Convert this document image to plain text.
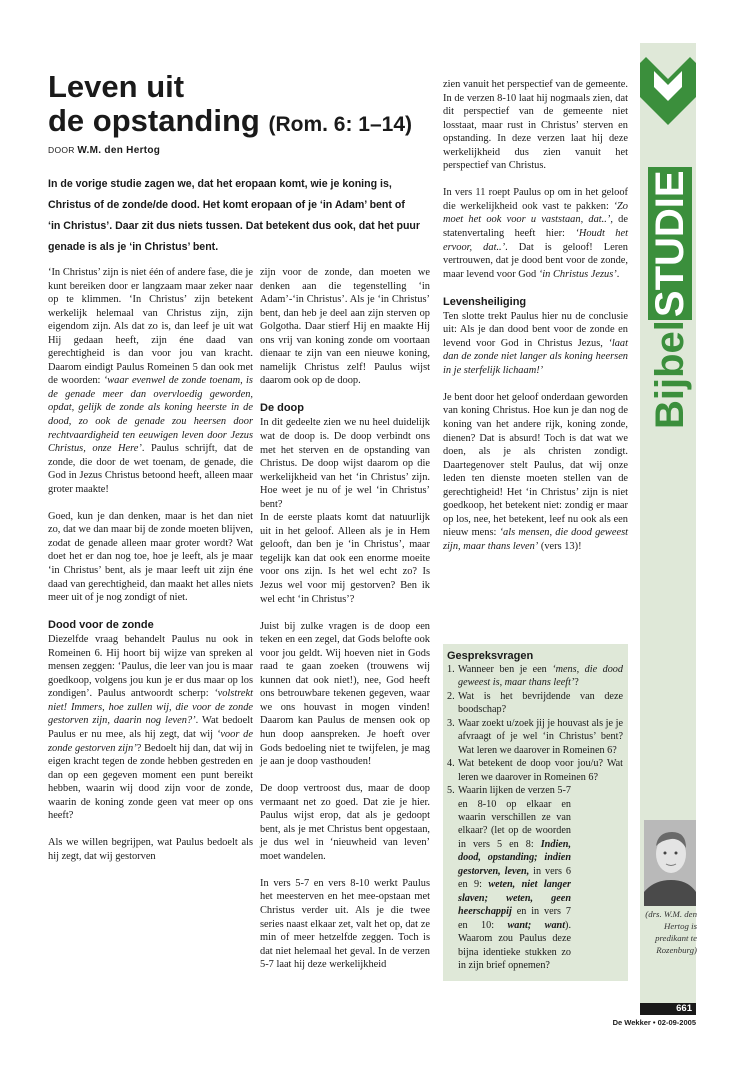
BijbelSTUDIE
Leven uit
de opstanding (Rom. 6: 1–14)
DOOR W.M. den Hertog

In de vorige studie zagen we, dat het eropaan komt, wie je koning is, Christus of de zonde/de dood. Het komt eropaan of je ‘in Adam’ bent of ‘in Christus’. Daar zit dus niets tussen. Dat betekent dus ook, dat het puur genade is als je ‘in Christus’ bent.

‘In Christus’ zijn is niet één of andere fase, die je kunt bereiken door er langzaam maar zeker naar op te klimmen. ‘In Christus’ zijn betekent werkelijk helemaal van Christus zijn, zijn eigendom zijn. Als dat zo is, dan leef je uit wat Hij gedaan heeft, zijn éne daad van gerechtigheid is dan voor jou van kracht. Daarom eindigt Paulus Romeinen 5 dan ook met de woorden: ‘waar evenwel de zonde toenam, is de genade meer dan overvloedig geworden, opdat, gelijk de zonde als koning heerste in de dood, zo ook de genade zou heersen door rechtvaardigheid ten eeuwigen leven door Jezus Christus, onze Here’. Paulus schrijft, dat de zonde, die door de wet toenam, de genade, die God in Jezus Christus betoond heeft, alleen maar groter maakte!

Goed, kun je dan denken, maar is het dan niet zo, dat we dan maar bij de zonde moeten blijven, zodat de genade alleen maar groter wordt? Wat doet het er dan nog toe, hoe je leeft, als je maar ‘in Christus’ bent, als je maar leeft uit zijn éne daad van gerechtigheid, dan maakt het alles niets meer uit of je nog zondigt of niet.

Dood voor de zonde

Diezelfde vraag behandelt Paulus nu ook in Romeinen 6. Hij hoort bij wijze van spreken al mensen zeggen: ‘Paulus, die leer van jou is maar goedkoop, volgens jou kun je er dus maar op los zondigen’. Paulus antwoordt scherp: ‘volstrekt niet! Immers, hoe zullen wij, die voor de zonde gestorven zijn, daarin nog leven?’. Wat bedoelt Paulus er nu mee, als hij zegt, dat wij ‘voor de zonde gestorven zijn’? Bedoelt hij dan, dat wij in eigen kracht tegen de zonde hebben gestreden en dan op een gegeven moment een punt bereikt hebben, waarin wij dood zijn voor de zonde, waarin de koning zonde geen vat meer op ons heeft?

Als we willen begrijpen, wat Paulus bedoelt als hij zegt, dat wij gestorven

zijn voor de zonde, dan moeten we denken aan die tegenstelling ‘in Adam’-‘in Christus’. Als je ‘in Christus’ bent, dan heb je deel aan zijn sterven op Golgotha. Daar stierf Hij en maakte Hij ons vrij van koning zonde om voortaan dienaar te zijn van een nieuwe koning, namelijk Christus zelf! Paulus wijst daarom ook op de doop.

De doop

In dit gedeelte zien we nu heel duidelijk wat de doop is. De doop verbindt ons met het sterven en de opstanding van Christus. De doop wijst daarom op die werkelijkheid van het ‘in Christus’ zijn. Hoe weet je nu of je wel ‘in Christus’ bent?

In de eerste plaats komt dat natuurlijk uit in het geloof. Alleen als je in Hem gelooft, dan ben je ‘in Christus’, maar tegelijk kan dat ook een enorme moeite voor ons zijn. Is het wel echt zo? Is Jezus wel voor mij gestorven? Ben ik wel echt ‘in Christus’?

Juist bij zulke vragen is de doop een teken en een zegel, dat Gods belofte ook voor jou geldt. Wij hoeven niet in Gods raad te gaan zoeken (trouwens wij kunnen dat ook niet!), nee, God heeft ons betrouwbare tekenen gegeven, waar we ons houvast in mogen vinden! Daarom kan Paulus de mensen ook op hun doop aanspreken. Je hoeft over Gods bedoeling niet te twijfelen, je mag je aan je doop vasthouden!

De doop vertroost dus, maar de doop vermaant net zo goed. Dat zie je hier. Paulus wijst erop, dat als je gedoopt bent, als je met Christus bent opgestaan, je dus wel in ‘nieuwheid van leven’ moet wandelen.

In vers 5-7 en vers 8-10 werkt Paulus het meesterven en het mee-opstaan met Christus verder uit. Als je die twee series naast elkaar zet, valt het op, dat ze min of meer hetzelfde zeggen. Toch is dat niet helemaal het geval. In de verzen 5-7 laat hij deze werkelijkheid

zien vanuit het perspectief van de gemeente. In de verzen 8-10 laat hij nogmaals zien, dat dit perspectief van de gemeente niet losstaat, maar rust in Christus’ sterven en opstanding. In deze verzen laat hij deze werkelijkheid dus zien vanuit het perspectief van Christus.

In vers 11 roept Paulus op om in het geloof die werkelijkheid ook vast te pakken: ‘Zo moet het ook voor u vaststaan, dat..’, de statenvertaling heeft hier: ‘Houdt het ervoor, dat..’. Dat is geloof! Leren vertrouwen, dat je dood bent voor de zonde, maar levend voor God ‘in Christus Jezus’.

Levensheiliging

Ten slotte trekt Paulus hier nu de conclusie uit: Als je dan dood bent voor de zonde en levend voor God in Christus Jezus, ‘laat dan de zonde niet langer als koning heersen in je sterfelijk lichaam!’

Je bent door het geloof onderdaan geworden van koning Christus. Hoe kun je dan nog de koning van het andere rijk, koning zonde, dienen? Dat is absurd! Toch is dat wat we doen, als je als christen zondigt. Daartegenover stelt Paulus, dat wij onze leden ten dienste moeten stellen van de gerechtigheid! Het ‘in Christus’ zijn is niet goedkoop, het betekent niet: zondig er maar op los, nee, het betekent, leef nu ook als een nieuw mens: ‘als mensen, die dood geweest zijn, maar thans leven’ (vers 13)!

Gespreksvragen
1. Wanneer ben je een ‘mens, die dood geweest is, maar thans leeft’?
2. Wat is het bevrijdende van deze boodschap?
3. Waar zoekt u/zoek jij je houvast als je je afvraagt of je wel ‘in Christus’ bent? Wat leren we daarover in Romeinen 6?
4. Wat betekent de doop voor jou/u? Wat leren we daarover in Romeinen 6?
5. Waarin lijken de verzen 5-7 en 8-10 op elkaar en waarin verschillen ze van elkaar? (let op de woorden in vers 5 en 8: Indien, dood, opstanding; indien gestorven, leven, in vers 6 en 9: weten, niet langer slaven; weten, geen heerschappij en in vers 7 en 10: want; want). Waarom zou Paulus deze bijna identieke stukken zo in zijn brief opnemen?
(drs. W.M. den Hertog is predikant te Rozenburg)
661
De Wekker • 02-09-2005
